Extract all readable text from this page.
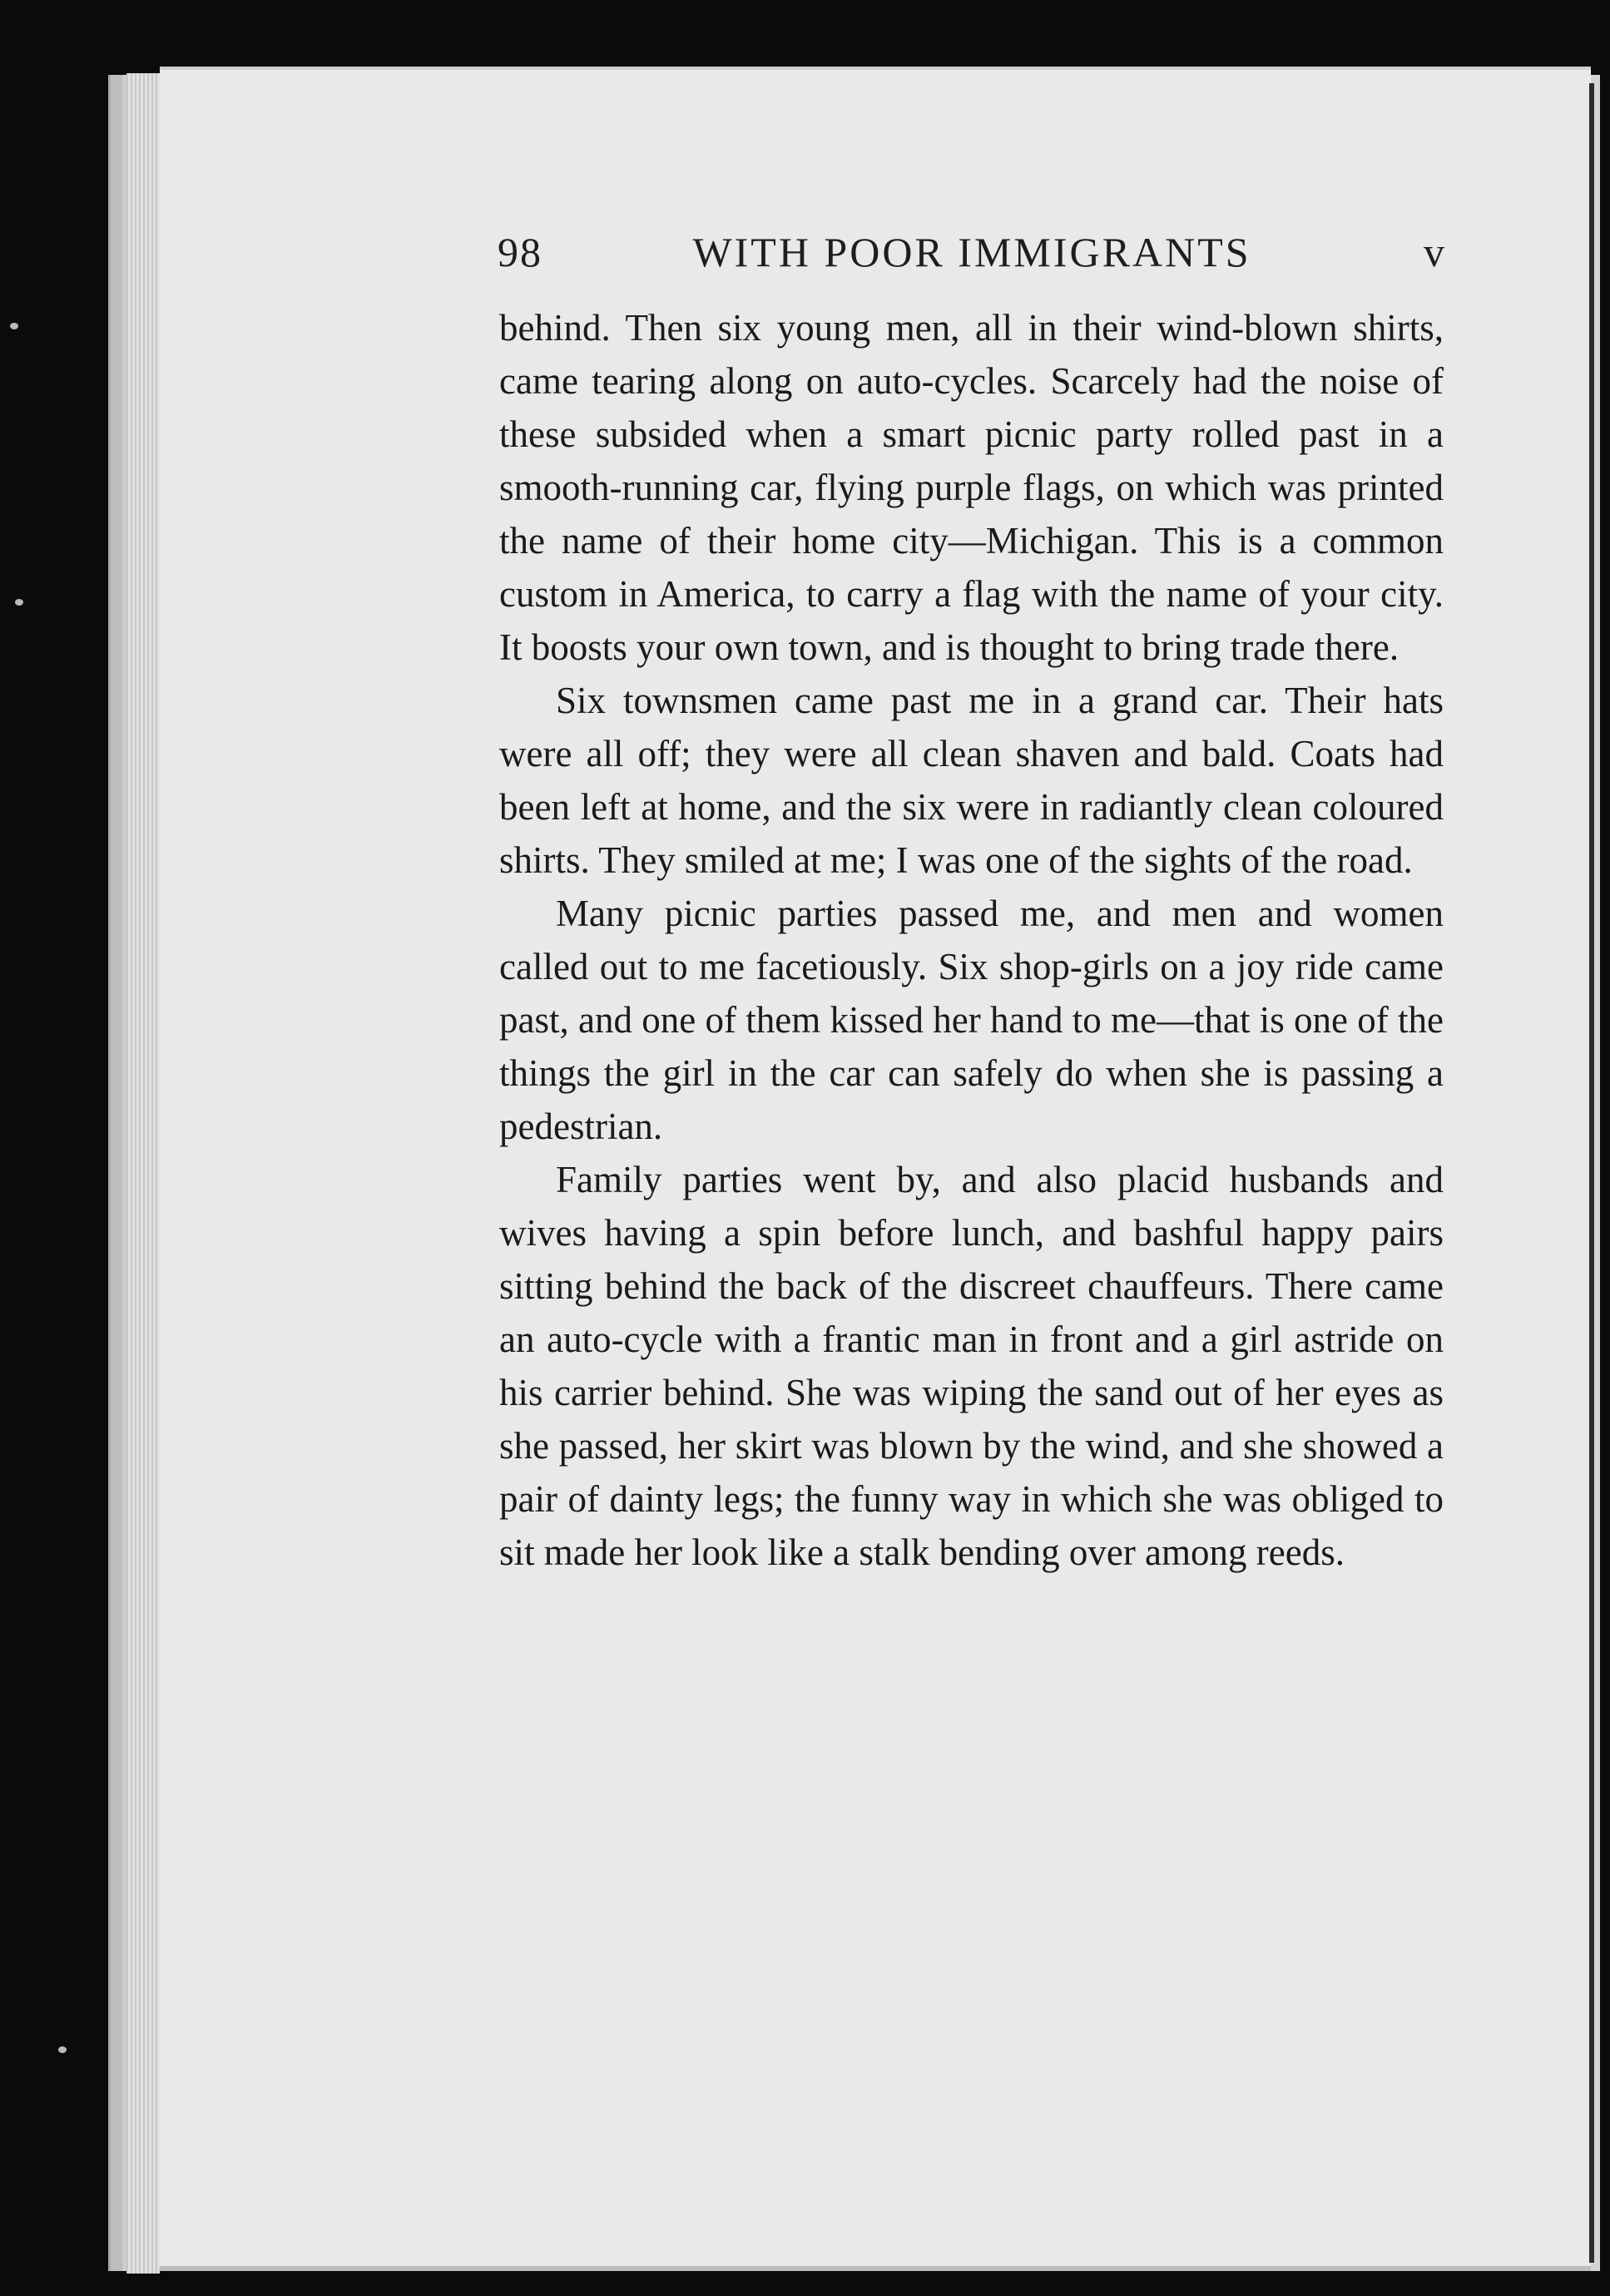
98	WITH POOR IMMIGRANTS	v

behind. Then six young men, all in their wind-blown shirts, came tearing along on auto-cycles. Scarcely had the noise of these subsided when a smart picnic party rolled past in a smooth-running car, flying purple flags, on which was printed the name of their home city—Michigan. This is a common custom in America, to carry a flag with the name of your city. It boosts your own town, and is thought to bring trade there.

Six townsmen came past me in a grand car. Their hats were all off; they were all clean shaven and bald. Coats had been left at home, and the six were in radiantly clean coloured shirts. They smiled at me; I was one of the sights of the road.

Many picnic parties passed me, and men and women called out to me facetiously. Six shop-girls on a joy ride came past, and one of them kissed her hand to me—that is one of the things the girl in the car can safely do when she is passing a pedestrian.

Family parties went by, and also placid husbands and wives having a spin before lunch, and bashful happy pairs sitting behind the back of the discreet chauffeurs. There came an auto-cycle with a frantic man in front and a girl astride on his carrier behind. She was wiping the sand out of her eyes as she passed, her skirt was blown by the wind, and she showed a pair of dainty legs; the funny way in which she was obliged to sit made her look like a stalk bending over among reeds.
